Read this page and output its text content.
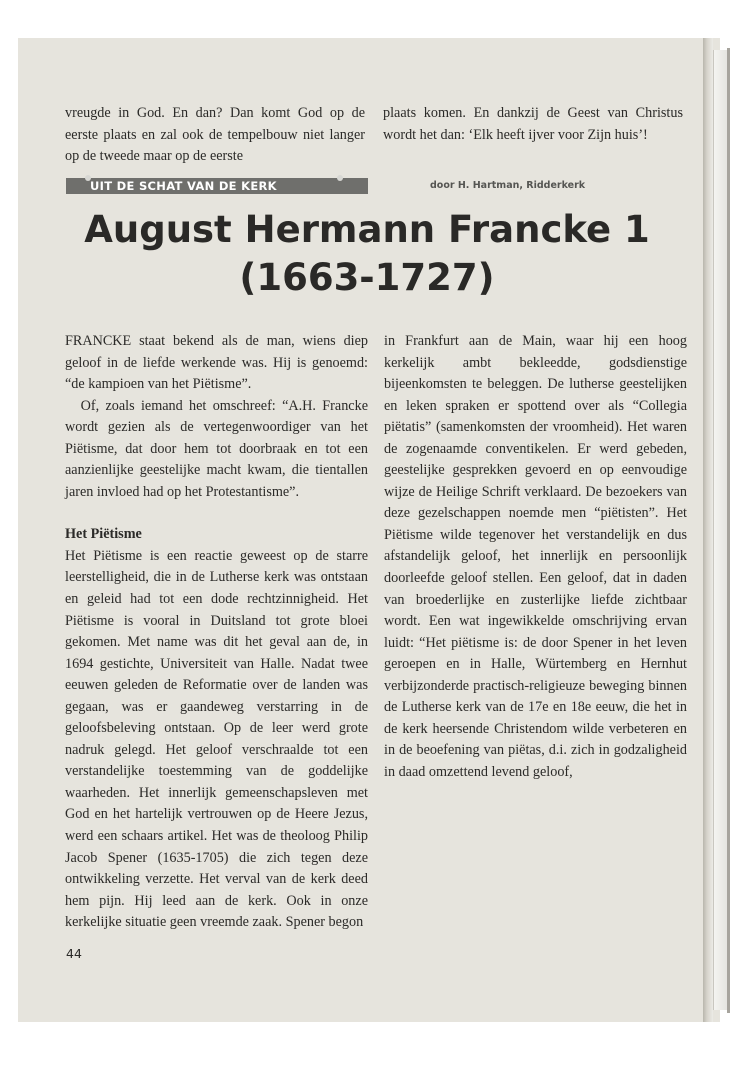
vreugde in God. En dan? Dan komt God op de eerste plaats en zal ook de tempelbouw niet langer op de tweede maar op de eerste

plaats komen. En dankzij de Geest van Christus wordt het dan: ‘Elk heeft ijver voor Zijn huis’!

UIT DE SCHAT VAN DE KERK	door H. Hartman, Ridderkerk
August Hermann Francke 1
(1663-1727)

FRANCKE staat bekend als de man, wiens diep geloof in de liefde werkende was. Hij is genoemd: “de kampioen van het Piëtisme”.

Of, zoals iemand het omschreef: “A.H. Francke wordt gezien als de vertegenwoordiger van het Piëtisme, dat door hem tot doorbraak en tot een aanzienlijke geestelijke macht kwam, die tientallen jaren invloed had op het Protestantisme”.

Het Piëtisme

Het Piëtisme is een reactie geweest op de starre leerstelligheid, die in de Lutherse kerk was ontstaan en geleid had tot een dode rechtzinnigheid. Het Piëtisme is vooral in Duitsland tot grote bloei gekomen. Met name was dit het geval aan de, in 1694 gestichte, Universiteit van Halle. Nadat twee eeuwen geleden de Reformatie over de landen was gegaan, was er gaandeweg verstarring in de geloofsbeleving ontstaan. Op de leer werd grote nadruk gelegd. Het geloof verschraalde tot een verstandelijke toestemming van de goddelijke waarheden. Het innerlijk gemeenschapsleven met God en het hartelijk vertrouwen op de Heere Jezus, werd een schaars artikel. Het was de theoloog Philip Jacob Spener (1635-1705) die zich tegen deze ontwikkeling verzette. Het verval van de kerk deed hem pijn. Hij leed aan de kerk. Ook in onze kerkelijke situatie geen vreemde zaak. Spener begon

in Frankfurt aan de Main, waar hij een hoog kerkelijk ambt bekleedde, godsdienstige bijeenkomsten te beleggen. De lutherse geestelijken en leken spraken er spottend over als “Collegia piëtatis” (samenkomsten der vroomheid). Het waren de zogenaamde conventikelen. Er werd gebeden, geestelijke gesprekken gevoerd en op eenvoudige wijze de Heilige Schrift verklaard. De bezoekers van deze gezelschappen noemde men “piëtisten”. Het Piëtisme wilde tegenover het verstandelijk en dus afstandelijk geloof, het innerlijk en persoonlijk doorleefde geloof stellen. Een geloof, dat in daden van broederlijke en zusterlijke liefde zichtbaar wordt. Een wat ingewikkelde omschrijving ervan luidt: “Het piëtisme is: de door Spener in het leven geroepen en in Halle, Würtemberg en Hernhut verbijzonderde practisch-religieuze beweging binnen de Lutherse kerk van de 17e en 18e eeuw, die het in de kerk heersende Christendom wilde verbeteren en in de beoefening van piëtas, d.i. zich in godzaligheid in daad omzettend levend geloof,

44
